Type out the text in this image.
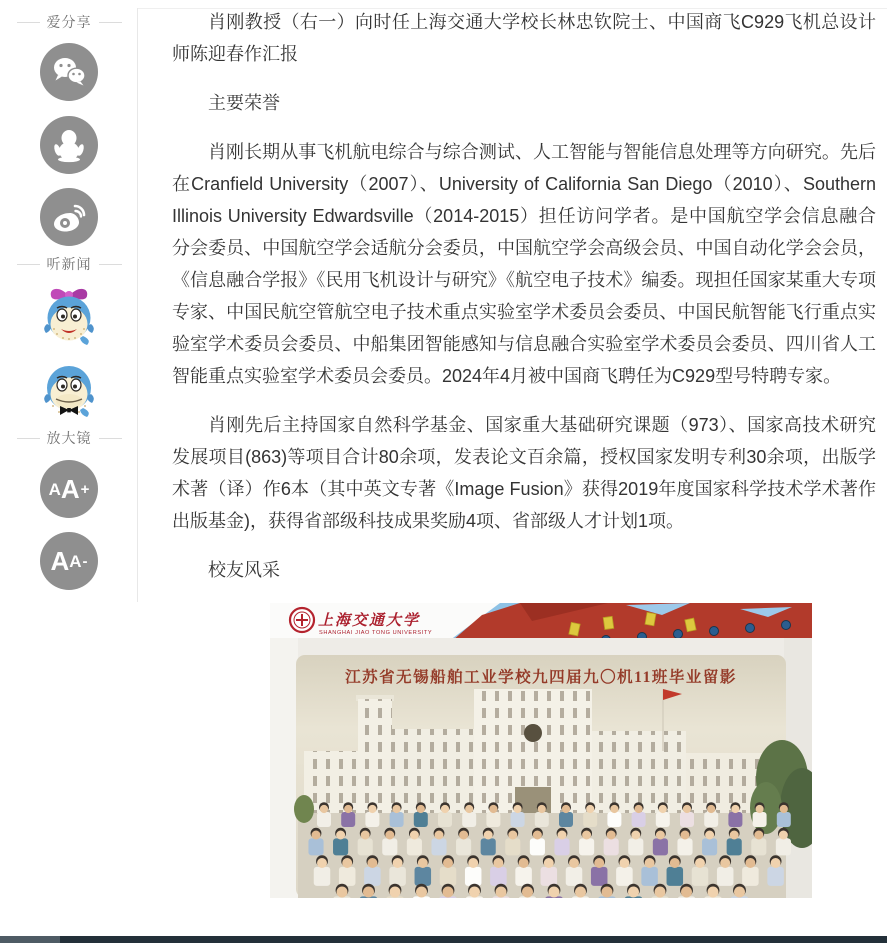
爱分享
听新闻
放大镜
A A +
A A -

肖刚教授（右一）向时任上海交通大学校长林忠钦院士、中国商飞C929飞机总设计师陈迎春作汇报

主要荣誉

肖刚长期从事飞机航电综合与综合测试、人工智能与智能信息处理等方向研究。先后在Cranfield University（2007）、University of California San Diego（2010）、Southern Illinois University Edwardsville（2014-2015）担任访问学者。是中国航空学会信息融合分会委员、中国航空学会适航分会委员，中国航空学会高级会员、中国自动化学会会员，《信息融合学报》《民用飞机设计与研究》《航空电子技术》编委。现担任国家某重大专项专家、中国民航空管航空电子技术重点实验室学术委员会委员、中国民航智能飞行重点实验室学术委员会委员、中船集团智能感知与信息融合实验室学术委员会委员、四川省人工智能重点实验室学术委员会委员。2024年4月被中国商飞聘任为C929型号特聘专家。

肖刚先后主持国家自然科学基金、国家重大基础研究课题（973）、国家高技术研究发展项目(863)等项目合计80余项，发表论文百余篇，授权国家发明专利30余项，出版学术著（译）作6本（其中英文专著《Image Fusion》获得2019年度国家科学技术学术著作出版基金)，获得省部级科技成果奖励4项、省部级人才计划1项。

校友风采

上海交通大学
SHANGHAI JIAO TONG UNIVERSITY
江苏省无锡船舶工业学校九四届九〇机11班毕业留影
